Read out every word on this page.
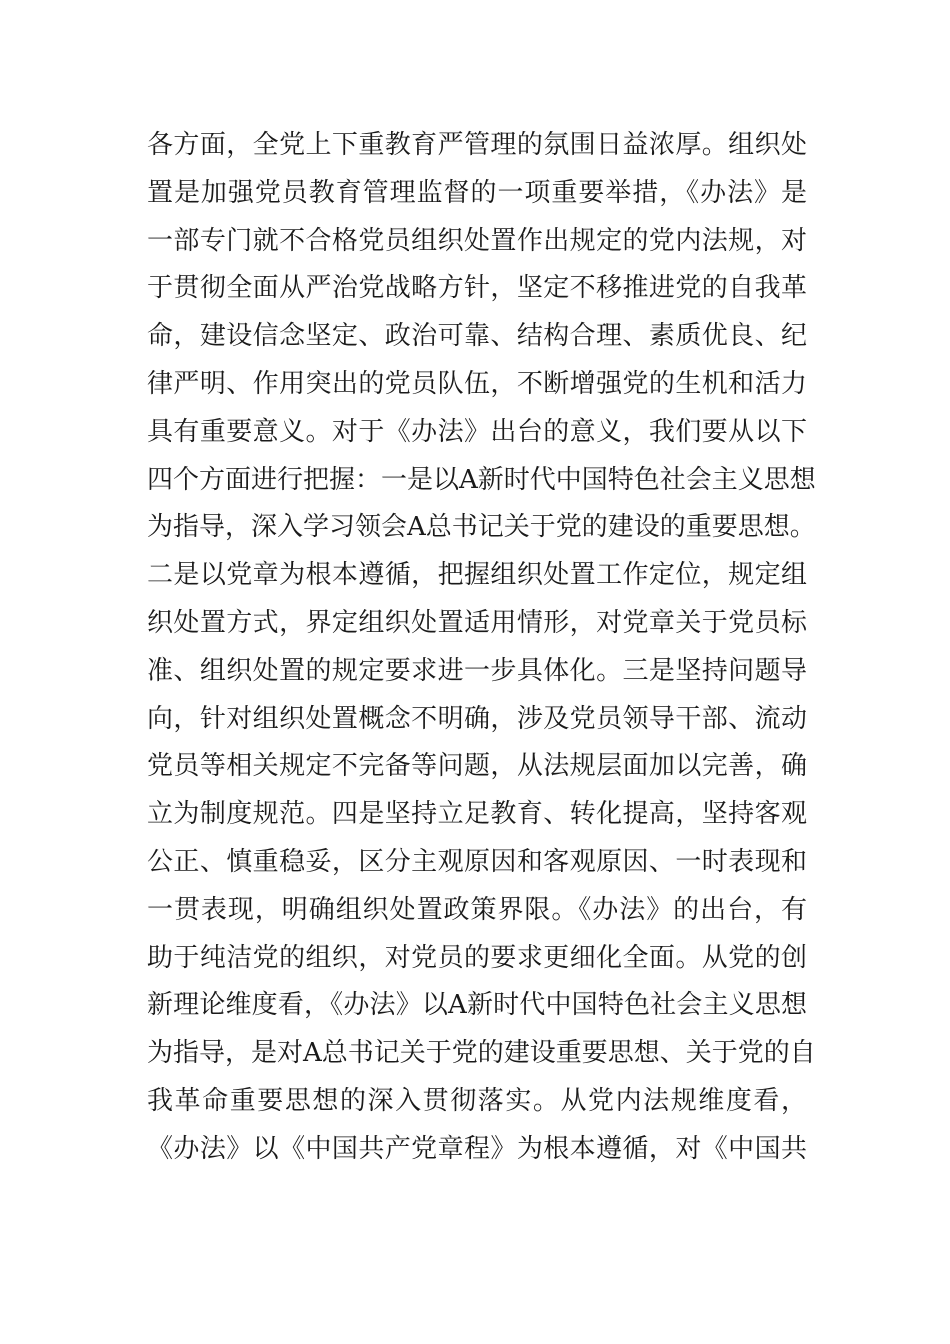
各方面，全党上下重教育严管理的氛围日益浓厚。组织处
置是加强党员教育管理监督的一项重要举措，《办法》是
一部专门就不合格党员组织处置作出规定的党内法规，对
于贯彻全面从严治党战略方针，坚定不移推进党的自我革
命，建设信念坚定、政治可靠、结构合理、素质优良、纪
律严明、作用突出的党员队伍，不断增强党的生机和活力
具有重要意义。对于《办法》出台的意义，我们要从以下
四个方面进行把握：一是以A新时代中国特色社会主义思想
为指导，深入学习领会A总书记关于党的建设的重要思想。
二是以党章为根本遵循，把握组织处置工作定位，规定组
织处置方式，界定组织处置适用情形，对党章关于党员标
准、组织处置的规定要求进一步具体化。三是坚持问题导
向，针对组织处置概念不明确，涉及党员领导干部、流动
党员等相关规定不完备等问题，从法规层面加以完善，确
立为制度规范。四是坚持立足教育、转化提高，坚持客观
公正、慎重稳妥，区分主观原因和客观原因、一时表现和
一贯表现，明确组织处置政策界限。《办法》的出台，有
助于纯洁党的组织，对党员的要求更细化全面。从党的创
新理论维度看，《办法》以A新时代中国特色社会主义思想
为指导，是对A总书记关于党的建设重要思想、关于党的自
我革命重要思想的深入贯彻落实。从党内法规维度看，
《办法》以《中国共产党章程》为根本遵循，对《中国共
